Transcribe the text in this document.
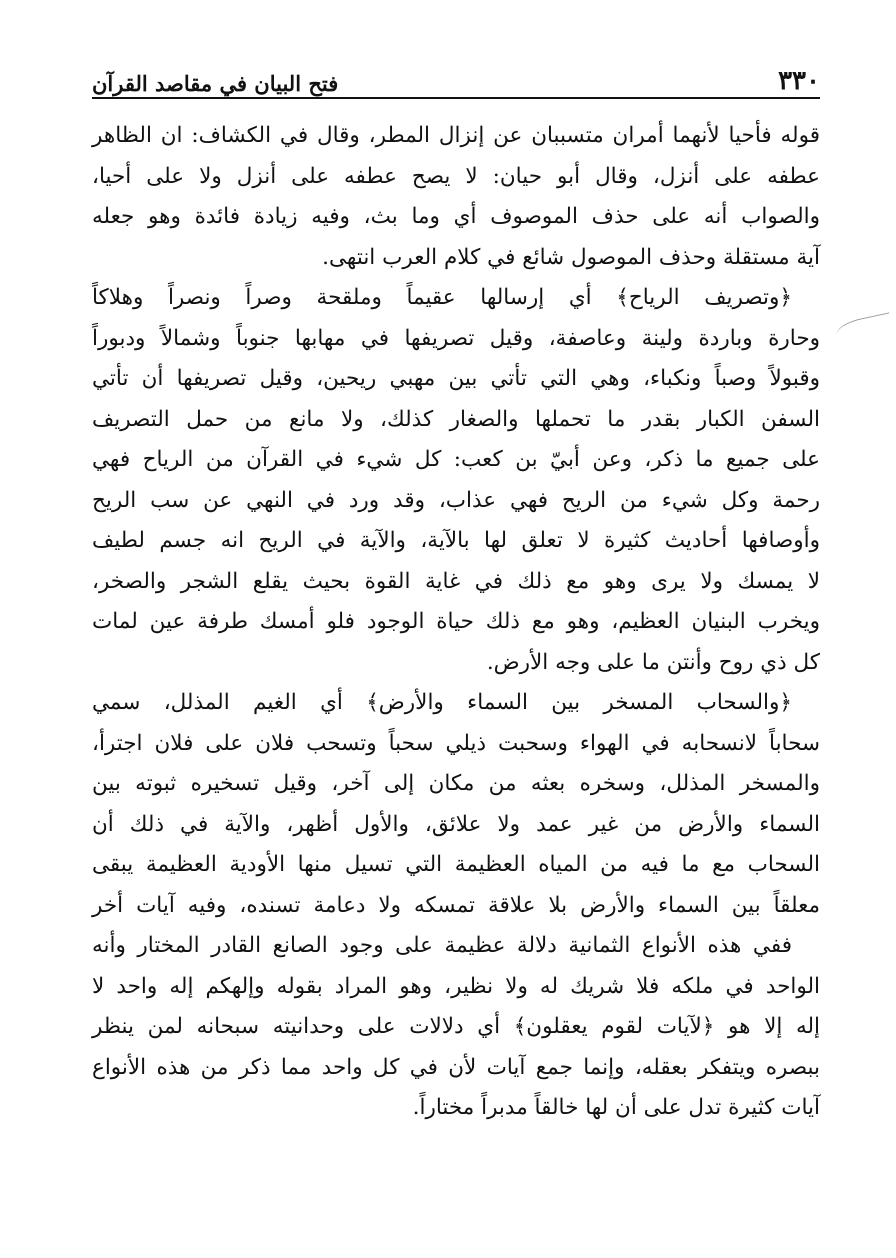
٣٣٠
فتح البيان في مقاصد القرآن
قوله فأحيا لأنهما أمران متسببان عن إنزال المطر، وقال في الكشاف: ان الظاهر
عطفه على أنزل، وقال أبو حيان: لا يصح عطفه على أنزل ولا على أحيا،
والصواب أنه على حذف الموصوف أي وما بث، وفيه زيادة فائدة وهو جعله
آية مستقلة وحذف الموصول شائع في كلام العرب انتهى.
﴿وتصريف الرياح﴾ أي إرسالها عقيماً وملقحة وصراً ونصراً وهلاكاً
وحارة وباردة ولينة وعاصفة، وقيل تصريفها في مهابها جنوباً وشمالاً ودبوراً
وقبولاً وصباً ونكباء، وهي التي تأتي بين مهبي ريحين، وقيل تصريفها أن تأتي
السفن الكبار بقدر ما تحملها والصغار كذلك، ولا مانع من حمل التصريف
على جميع ما ذكر، وعن أبيّ بن كعب: كل شيء في القرآن من الرياح فهي
رحمة وكل شيء من الريح فهي عذاب، وقد ورد في النهي عن سب الريح
وأوصافها أحاديث كثيرة لا تعلق لها بالآية، والآية في الريح انه جسم لطيف
لا يمسك ولا يرى وهو مع ذلك في غاية القوة بحيث يقلع الشجر والصخر،
ويخرب البنيان العظيم، وهو مع ذلك حياة الوجود فلو أمسك طرفة عين لمات
كل ذي روح وأنتن ما على وجه الأرض.
﴿والسحاب المسخر بين السماء والأرض﴾ أي الغيم المذلل، سمي
سحاباً لانسحابه في الهواء وسحبت ذيلي سحباً وتسحب فلان على فلان اجترأ،
والمسخر المذلل، وسخره بعثه من مكان إلى آخر، وقيل تسخيره ثبوته بين
السماء والأرض من غير عمد ولا علائق، والأول أظهر، والآية في ذلك أن
السحاب مع ما فيه من المياه العظيمة التي تسيل منها الأودية العظيمة يبقى
معلقاً بين السماء والأرض بلا علاقة تمسكه ولا دعامة تسنده، وفيه آيات أخر
ففي هذه الأنواع الثمانية دلالة عظيمة على وجود الصانع القادر المختار وأنه
الواحد في ملكه فلا شريك له ولا نظير، وهو المراد بقوله وإلهكم إله واحد لا
إله إلا هو ﴿لآيات لقوم يعقلون﴾ أي دلالات على وحدانيته سبحانه لمن ينظر
ببصره ويتفكر بعقله، وإنما جمع آيات لأن في كل واحد مما ذكر من هذه الأنواع
آيات كثيرة تدل على أن لها خالقاً مدبراً مختاراً.
